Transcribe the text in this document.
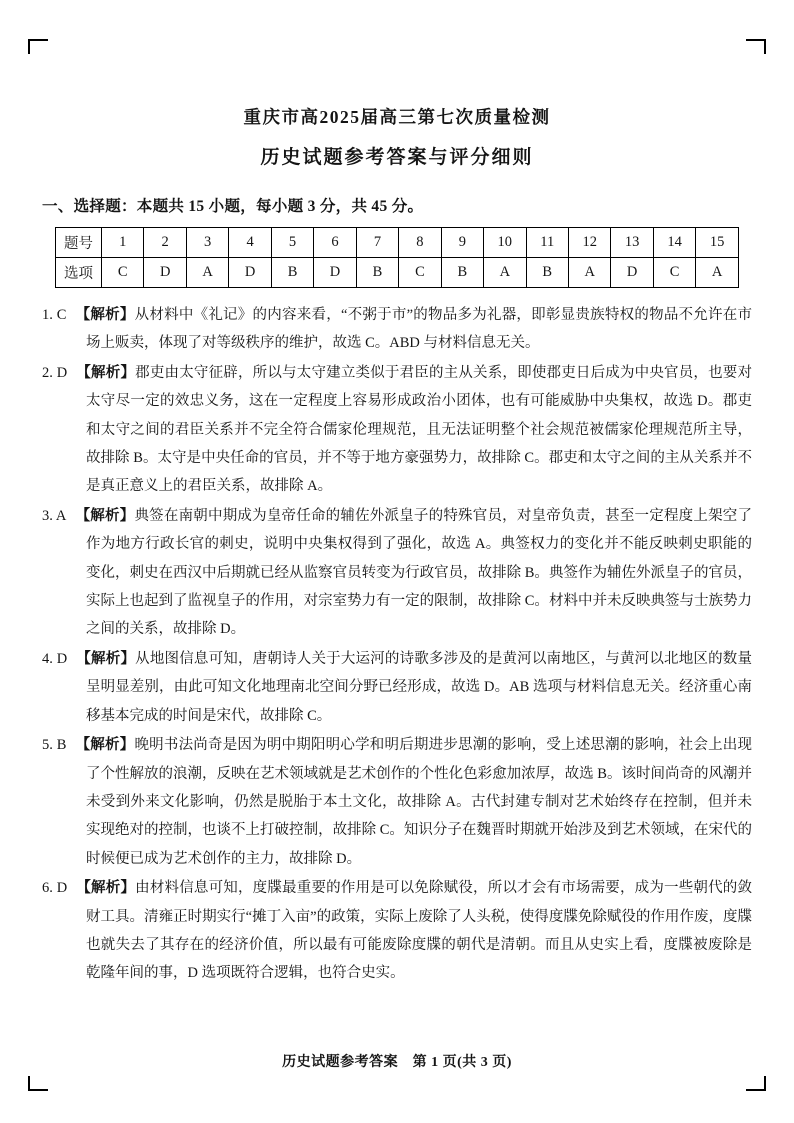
重庆市高2025届高三第七次质量检测
历史试题参考答案与评分细则
一、选择题：本题共 15 小题，每小题 3 分，共 45 分。
题号	1	2	3	4	5	6	7	8	9	10	11	12	13	14	15
选项	C	D	A	D	B	D	B	C	B	A	B	A	D	C	A
1. C 【解析】从材料中《礼记》的内容来看，“不粥于市”的物品多为礼器，即彰显贵族特权的物品不允许在市场上贩卖，体现了对等级秩序的维护，故选 C。ABD 与材料信息无关。
2. D 【解析】郡吏由太守征辟，所以与太守建立类似于君臣的主从关系，即使郡吏日后成为中央官员，也要对太守尽一定的效忠义务，这在一定程度上容易形成政治小团体，也有可能威胁中央集权，故选 D。郡吏和太守之间的君臣关系并不完全符合儒家伦理规范，且无法证明整个社会规范被儒家伦理规范所主导，故排除 B。太守是中央任命的官员，并不等于地方豪强势力，故排除 C。郡吏和太守之间的主从关系并不是真正意义上的君臣关系，故排除 A。
3. A 【解析】典签在南朝中期成为皇帝任命的辅佐外派皇子的特殊官员，对皇帝负责，甚至一定程度上架空了作为地方行政长官的刺史，说明中央集权得到了强化，故选 A。典签权力的变化并不能反映刺史职能的变化，刺史在西汉中后期就已经从监察官员转变为行政官员，故排除 B。典签作为辅佐外派皇子的官员，实际上也起到了监视皇子的作用，对宗室势力有一定的限制，故排除 C。材料中并未反映典签与士族势力之间的关系，故排除 D。
4. D 【解析】从地图信息可知，唐朝诗人关于大运河的诗歌多涉及的是黄河以南地区，与黄河以北地区的数量呈明显差别，由此可知文化地理南北空间分野已经形成，故选 D。AB 选项与材料信息无关。经济重心南移基本完成的时间是宋代，故排除 C。
5. B 【解析】晚明书法尚奇是因为明中期阳明心学和明后期进步思潮的影响，受上述思潮的影响，社会上出现了个性解放的浪潮，反映在艺术领域就是艺术创作的个性化色彩愈加浓厚，故选 B。该时间尚奇的风潮并未受到外来文化影响，仍然是脱胎于本土文化，故排除 A。古代封建专制对艺术始终存在控制，但并未实现绝对的控制，也谈不上打破控制，故排除 C。知识分子在魏晋时期就开始涉及到艺术领域，在宋代的时候便已成为艺术创作的主力，故排除 D。
6. D 【解析】由材料信息可知，度牒最重要的作用是可以免除赋役，所以才会有市场需要，成为一些朝代的敛财工具。清雍正时期实行“摊丁入亩”的政策，实际上废除了人头税，使得度牒免除赋役的作用作废，度牒也就失去了其存在的经济价值，所以最有可能废除度牒的朝代是清朝。而且从史实上看，度牒被废除是乾隆年间的事，D 选项既符合逻辑，也符合史实。
历史试题参考答案　第 1 页(共 3 页)
